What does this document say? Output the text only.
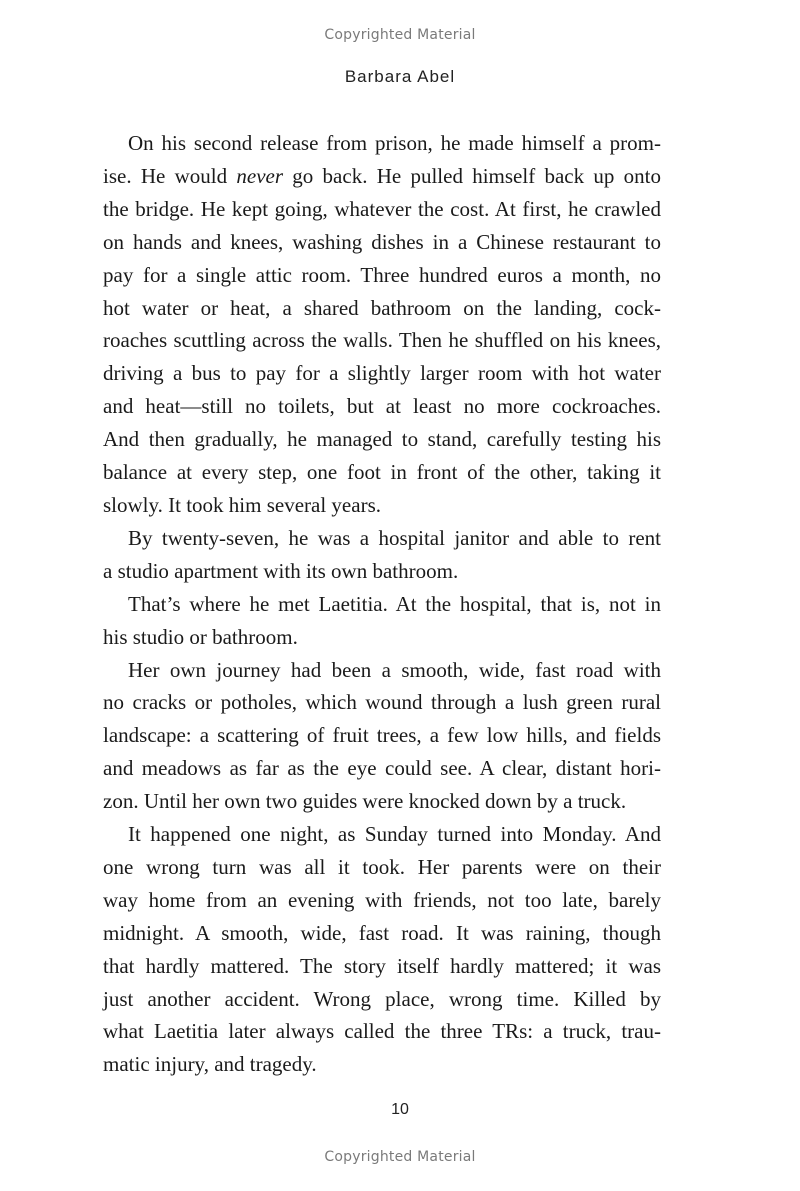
Copyrighted Material
Barbara Abel
On his second release from prison, he made himself a prom-
ise. He would never go back. He pulled himself back up onto
the bridge. He kept going, whatever the cost. At first, he crawled
on hands and knees, washing dishes in a Chinese restaurant to
pay for a single attic room. Three hundred euros a month, no
hot water or heat, a shared bathroom on the landing, cock-
roaches scuttling across the walls. Then he shuffled on his knees,
driving a bus to pay for a slightly larger room with hot water
and heat—still no toilets, but at least no more cockroaches.
And then gradually, he managed to stand, carefully testing his
balance at every step, one foot in front of the other, taking it
slowly. It took him several years.
By twenty-seven, he was a hospital janitor and able to rent
a studio apartment with its own bathroom.
That’s where he met Laetitia. At the hospital, that is, not in
his studio or bathroom.
Her own journey had been a smooth, wide, fast road with
no cracks or potholes, which wound through a lush green rural
landscape: a scattering of fruit trees, a few low hills, and fields
and meadows as far as the eye could see. A clear, distant hori-
zon. Until her own two guides were knocked down by a truck.
It happened one night, as Sunday turned into Monday. And
one wrong turn was all it took. Her parents were on their
way home from an evening with friends, not too late, barely
midnight. A smooth, wide, fast road. It was raining, though
that hardly mattered. The story itself hardly mattered; it was
just another accident. Wrong place, wrong time. Killed by
what Laetitia later always called the three TRs: a truck, trau-
matic injury, and tragedy.
10
Copyrighted Material
